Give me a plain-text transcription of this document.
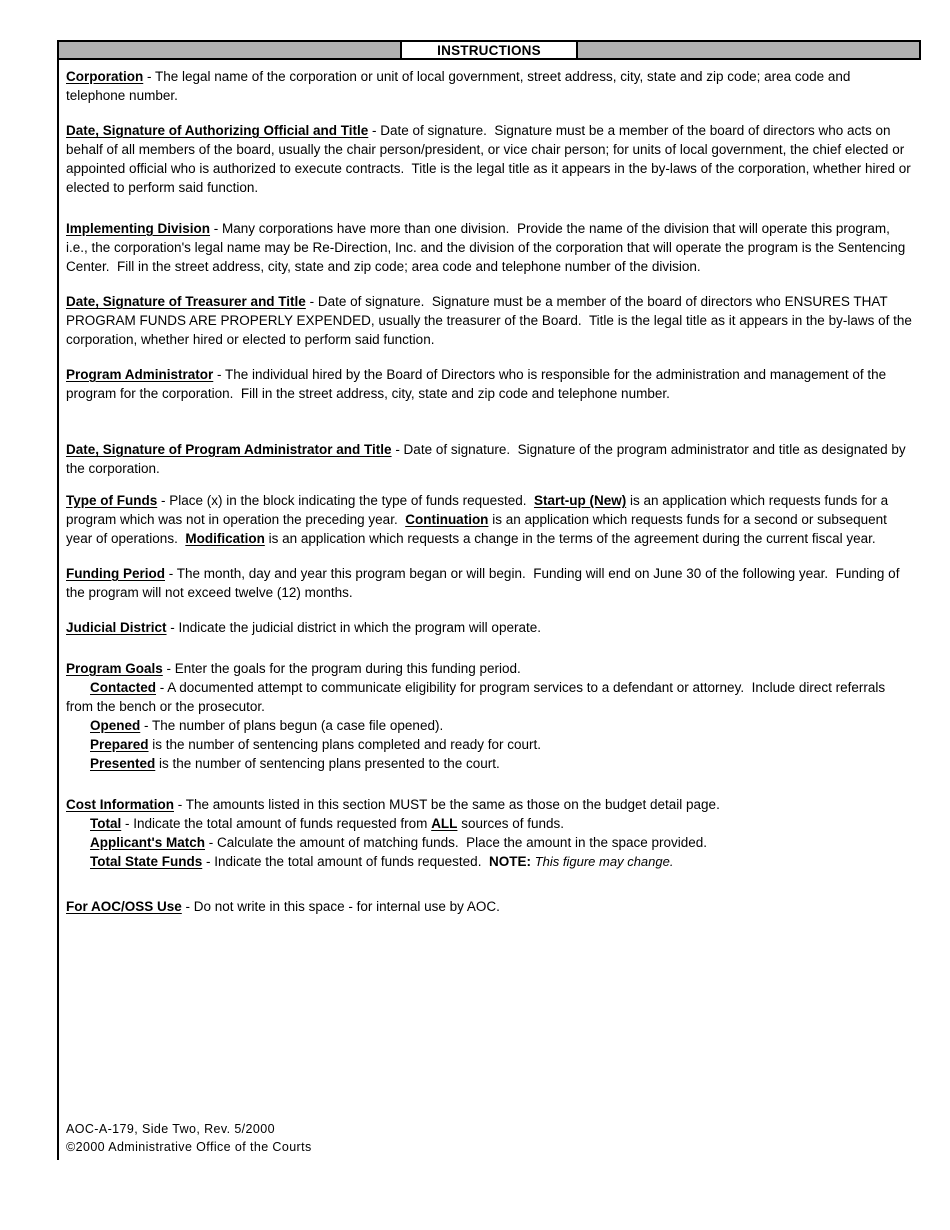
INSTRUCTIONS
Corporation - The legal name of the corporation or unit of local government, street address, city, state and zip code; area code and telephone number.
Date, Signature of Authorizing Official and Title - Date of signature.  Signature must be a member of the board of directors who acts on behalf of all members of the board, usually the chair person/president, or vice chair person; for units of local government, the chief elected or appointed official who is authorized to execute contracts.  Title is the legal title as it appears in the by-laws of the corporation, whether hired or elected to perform said function.
Implementing Division - Many corporations have more than one division.  Provide the name of the division that will operate this program, i.e., the corporation's legal name may be Re-Direction, Inc. and the division of the corporation that will operate the program is the Sentencing Center.  Fill in the street address, city, state and zip code; area code and telephone number of the division.
Date, Signature of Treasurer and Title - Date of signature.  Signature must be a member of the board of directors who ENSURES THAT PROGRAM FUNDS ARE PROPERLY EXPENDED, usually the treasurer of the Board.  Title is the legal title as it appears in the by-laws of the corporation, whether hired or elected to perform said function.
Program Administrator - The individual hired by the Board of Directors who is responsible for the administration and management of the program for the corporation.  Fill in the street address, city, state and zip code and telephone number.
Date, Signature of Program Administrator and Title - Date of signature.  Signature of the program administrator and title as designated by the corporation.
Type of Funds - Place (x) in the block indicating the type of funds requested.  Start-up (New) is an application which requests funds for a program which was not in operation the preceding year.  Continuation is an application which requests funds for a second or subsequent year of operations.  Modification is an application which requests a change in the terms of the agreement during the current fiscal year.
Funding Period - The month, day and year this program began or will begin.  Funding will end on June 30 of the following year.  Funding of the program will not exceed twelve (12) months.
Judicial District - Indicate the judicial district in which the program will operate.
Program Goals - Enter the goals for the program during this funding period.
Contacted - A documented attempt to communicate eligibility for program services to a defendant or attorney.  Include direct referrals from the bench or the prosecutor.
Opened - The number of plans begun (a case file opened).
Prepared is the number of sentencing plans completed and ready for court.
Presented is the number of sentencing plans presented to the court.
Cost Information - The amounts listed in this section MUST be the same as those on the budget detail page.
Total - Indicate the total amount of funds requested from ALL sources of funds.
Applicant's Match - Calculate the amount of matching funds.  Place the amount in the space provided.
Total State Funds - Indicate the total amount of funds requested.  NOTE: This figure may change.
For AOC/OSS Use - Do not write in this space - for internal use by AOC.
AOC-A-179, Side Two, Rev. 5/2000
©2000 Administrative Office of the Courts
